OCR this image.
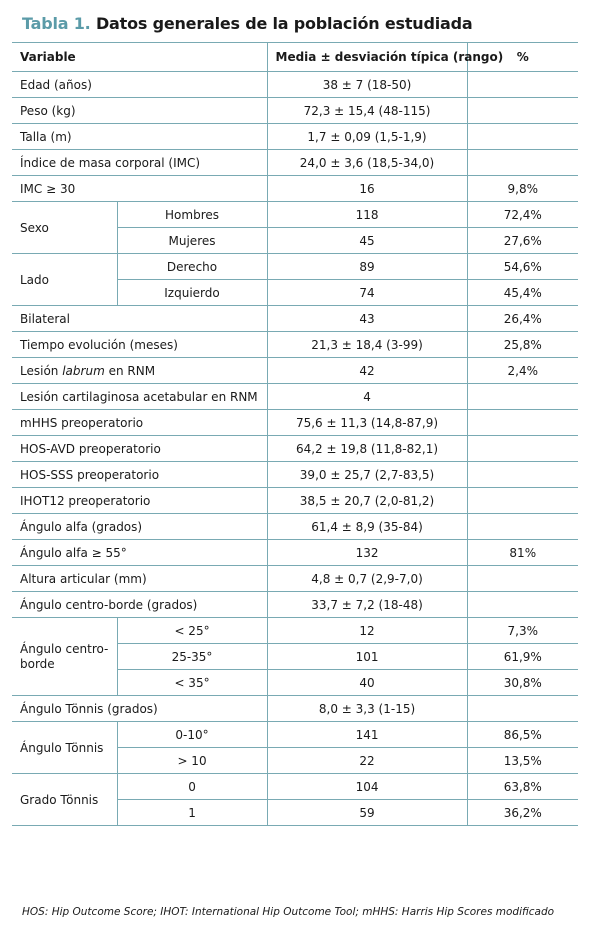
Tabla 1. Datos generales de la población estudiada
Variable		Media ± desviación típica (rango)	%
Edad (años)		38 ± 7 (18-50)	
Peso (kg)		72,3 ± 15,4 (48-115)	
Talla (m)		1,7 ± 0,09 (1,5-1,9)	
Índice de masa corporal (IMC)		24,0 ± 3,6 (18,5-34,0)	
IMC ≥ 30		16	9,8%
Sexo	Hombres	118	72,4%
	Mujeres	45	27,6%
Lado	Derecho	89	54,6%
	Izquierdo	74	45,4%
Bilateral		43	26,4%
Tiempo evolución (meses)		21,3 ± 18,4 (3-99)	25,8%
Lesión labrum en RNM		42	2,4%
Lesión cartilaginosa acetabular en RNM		4	
mHHS preoperatorio		75,6 ± 11,3 (14,8-87,9)	
HOS-AVD preoperatorio		64,2 ± 19,8 (11,8-82,1)	
HOS-SSS preoperatorio		39,0 ± 25,7 (2,7-83,5)	
IHOT12 preoperatorio		38,5 ± 20,7 (2,0-81,2)	
Ángulo alfa (grados)		61,4 ± 8,9 (35-84)	
Ángulo alfa ≥ 55°		132	81%
Altura articular (mm)		4,8 ± 0,7 (2,9-7,0)	
Ángulo centro-borde (grados)		33,7 ± 7,2 (18-48)	
Ángulo centro-borde	< 25°	12	7,3%
	25-35°	101	61,9%
	< 35°	40	30,8%
Ángulo Tönnis (grados)		8,0 ± 3,3 (1-15)	
Ángulo Tönnis	0-10°	141	86,5%
	> 10	22	13,5%
Grado Tönnis	0	104	63,8%
	1	59	36,2%
HOS: Hip Outcome Score; IHOT: International Hip Outcome Tool; mHHS: Harris Hip Scores modificado
